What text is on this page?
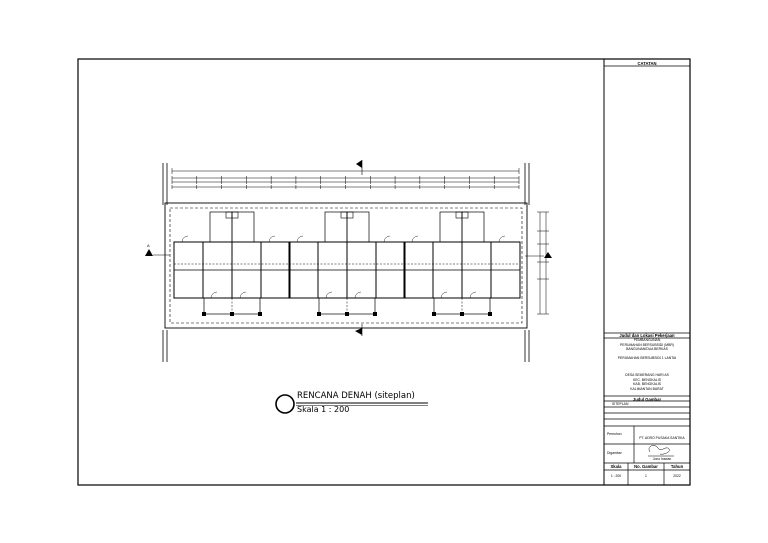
A
RENCANA DENAH (siteplan)
Skala 1 : 200
CATATAN
Judul dan Lokasi Pekerjaan
PEMBANGUNAN
PERUMAHAN BERSUBSIDI (MBR)
BANGUNAN/DUA BERKAS
PERUMAHAN BERSUBSIDI 1 LANTAI
DESA SEMERANG HARI AS
KEC. BENGKALIS
KAB. BENGKALIS
KALIMANTAN BARAT
Judul Gambar
SITEPLAN
Pemohon
PT. ADRO PUSAKA SANTIKA
Digambar
Jono Irawan
Skala	No. Gambar	Tahun
1 : 200	1	2022
